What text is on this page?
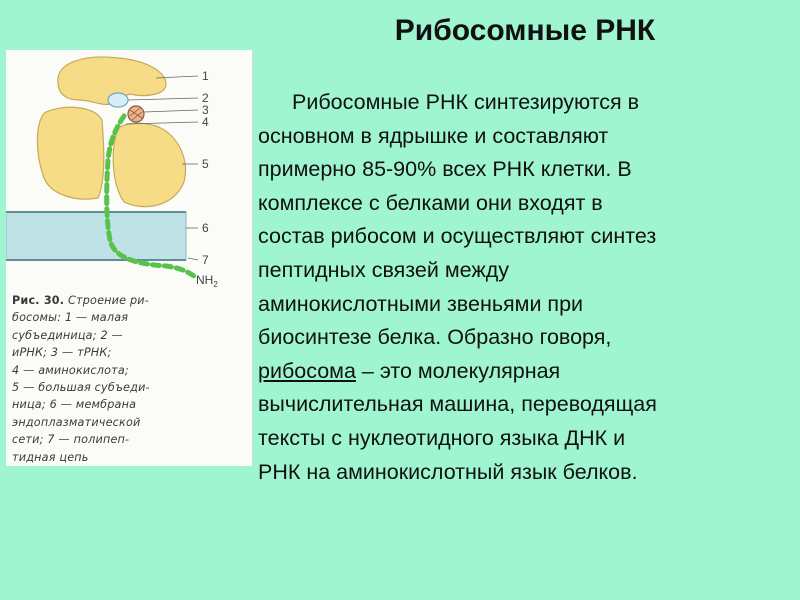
Рибосомные РНК
1
2
3
4
5
6
7
$NH_2$
Рис. 30. Строение ри-
босомы: 1 — малая
субъединица; 2 —
иРНК; 3 — тРНК;
4 — аминокислота;
5 — большая субъеди-
ница; 6 — мембрана
эндоплазматической
сети; 7 — полипеп-
тидная цепь
Рибосомные РНК синтезируются в
основном в ядрышке и составляют
примерно 85-90% всех РНК клетки. В
комплексе с белками они входят в
состав рибосом и осуществляют синтез
пептидных связей между
аминокислотными звеньями при
биосинтезе белка. Образно говоря,
рибосома – это молекулярная
вычислительная машина, переводящая
тексты с нуклеотидного языка ДНК и
РНК на аминокислотный язык белков.
